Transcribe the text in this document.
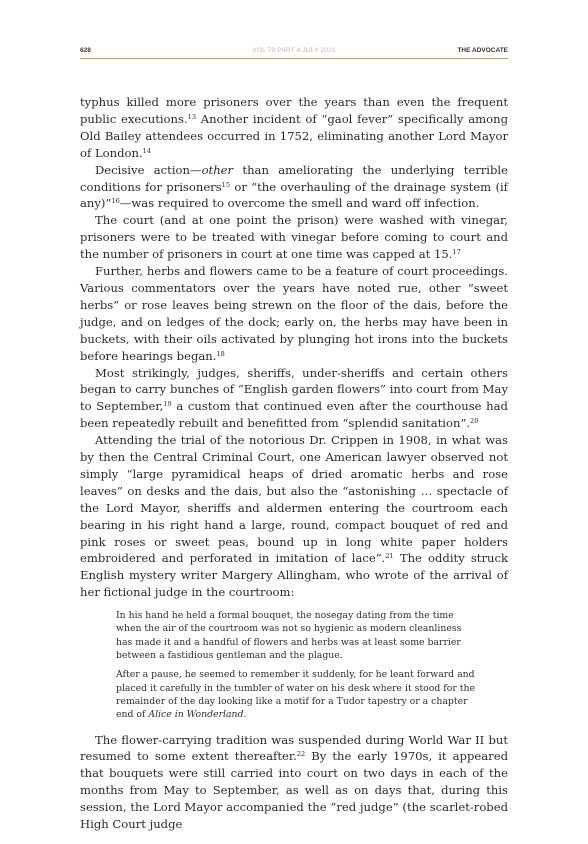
628	VOL 79 PART 4 JULY 2021	THE ADVOCATE

typhus killed more prisoners over the years than even the frequent public executions.$^{13}$ Another incident of “gaol fever” specifically among Old Bailey attendees occurred in 1752, eliminating another Lord Mayor of London.$^{14}$

Decisive action—other than ameliorating the underlying terrible conditions for prisoners$^{15}$ or “the overhauling of the drainage system (if any)”$^{16}$—was required to overcome the smell and ward off infection.

The court (and at one point the prison) were washed with vinegar, prisoners were to be treated with vinegar before coming to court and the number of prisoners in court at one time was capped at 15.17

Further, herbs and flowers came to be a feature of court proceedings. Various commentators over the years have noted rue, other “sweet herbs” or rose leaves being strewn on the floor of the dais, before the judge, and on ledges of the dock; early on, the herbs may have been in buckets, with their oils activated by plunging hot irons into the buckets before hearings began.$^{18}$

Most strikingly, judges, sheriffs, under-sheriffs and certain others began to carry bunches of “English garden flowers” into court from May to September,$^{19}$ a custom that continued even after the courthouse had been repeatedly rebuilt and benefitted from “splendid sanitation”.$^{20}$

Attending the trial of the notorious Dr. Crippen in 1908, in what was by then the Central Criminal Court, one American lawyer observed not simply “large pyramidical heaps of dried aromatic herbs and rose leaves” on desks and the dais, but also the “astonishing … spectacle of the Lord Mayor, sheriffs and aldermen entering the courtroom each bearing in his right hand a large, round, compact bouquet of red and pink roses or sweet peas, bound up in long white paper holders embroidered and perforated in imitation of lace”.$^{21}$ The oddity struck English mystery writer Margery Allingham, who wrote of the arrival of her fictional judge in the courtroom:

In his hand he held a formal bouquet, the nosegay dating from the time when the air of the courtroom was not so hygienic as modern cleanliness has made it and a handful of flowers and herbs was at least some barrier between a fastidious gentleman and the plague.

After a pause, he seemed to remember it suddenly, for he leant forward and placed it carefully in the tumbler of water on his desk where it stood for the remainder of the day looking like a motif for a Tudor tapestry or a chapter end of Alice in Wonderland.

The flower-carrying tradition was suspended during World War II but resumed to some extent thereafter.$^{22}$ By the early 1970s, it appeared that bouquets were still carried into court on two days in each of the months from May to September, as well as on days that, during this session, the Lord Mayor accompanied the “red judge” (the scarlet-robed High Court judge
